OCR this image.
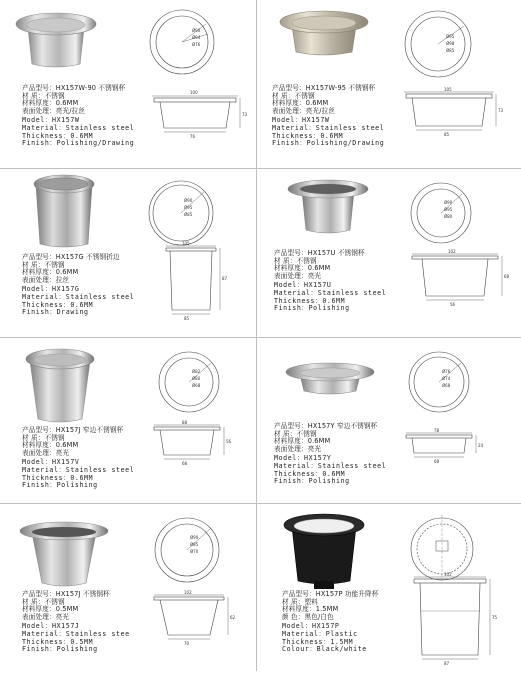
Ø90
Ø94
Ø76
产品型号：HX157W-90 不锈钢杯
材 质：不锈钢
材料厚度：0.6MM
表面处理：亮光/拉丝
Model：HX157W
Material：Stainless steel
Thickness：0.6MM
Finish：Polishing/Drawing
100
73
76
Ø95
Ø98
Ø85
产品型号：HX157W-95 不锈钢杯
材 质：不锈钢
材料厚度：0.6MM
表面处理：亮光/拉丝
Model：HX157W
Material：Stainless steel
Thickness：0.6MM
Finish：Polishing/Drawing
105
73
85
Ø90
Ø95
Ø85
产品型号：HX157G 不锈钢折边
材 质：不锈钢
材料厚度：0.6MM
表面处理：拉丝
Model：HX157G
Material：Stainless steel
Thickness：0.6MM
Finish：Drawing
105
87
85
Ø90
Ø95
Ø80
产品型号：HX157U 不锈钢杯
材 质：不锈钢
材料厚度：0.6MM
表面处理：亮光
Model：HX157U
Material：Stainless steel
Thickness：0.6MM
Finish：Polishing
102
68
56
Ø82
Ø80
Ø68
产品型号：HX157J 窄边不锈钢杯
材 质：不锈钢
材料厚度：0.6MM
表面处理：亮光
Model：HX157V
Material：Stainless steel
Thickness：0.6MM
Finish：Polishing
88
56
68
Ø76
Ø74
Ø68
产品型号：HX157Y 窄边不锈钢杯
材 质：不锈钢
材料厚度：0.6MM
表面处理：亮光
Model：HX157Y
Material：Stainless steel
Thickness：0.6MM
Finish：Polishing
78
24
68
Ø90
Ø85
Ø70
产品型号：HX157J 不锈钢杯
材 质：不锈钢
材料厚度：0.5MM
表面处理：亮光
Model：HX157J
Material：Stainless stee
Thickness：0.5MM
Finish：Polishing
102
62
70
产品型号：HX157P 功能升降杯
材 质：塑料
材料厚度：1.5MM
颜 色：黑色/白色
Model：HX157P
Material：Plastic
Thickness：1.5MM
Colour：Black/white
102
75
87
